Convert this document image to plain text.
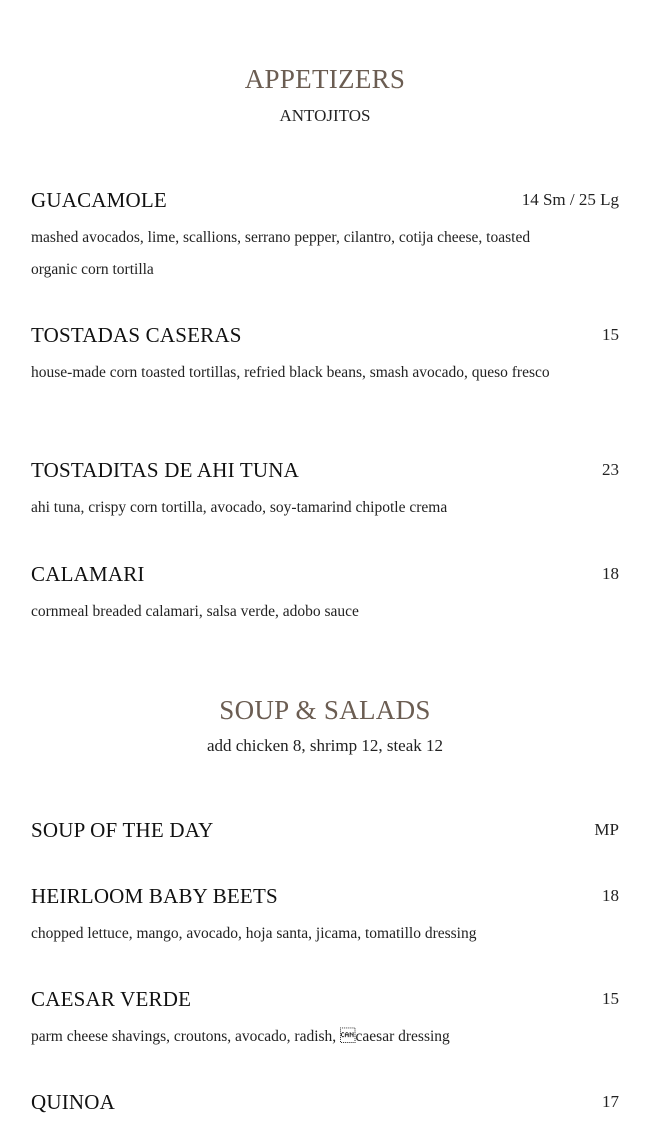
APPETIZERS
ANTOJITOS
GUACAMOLE	14 Sm / 25 Lg
mashed avocados, lime, scallions, serrano pepper, cilantro, cotija cheese, toasted organic corn tortilla
TOSTADAS CASERAS	15
house-made corn toasted tortillas, refried black beans, smash avocado, queso fresco
TOSTADITAS DE AHI TUNA	23
ahi tuna, crispy corn tortilla, avocado, soy-tamarind chipotle crema
CALAMARI	18
cornmeal breaded calamari, salsa verde, adobo sauce
SOUP & SALADS
add chicken 8, shrimp 12, steak 12
SOUP OF THE DAY	MP
HEIRLOOM BABY BEETS	18
chopped lettuce, mango, avocado, hoja santa, jicama, tomatillo dressing
CAESAR VERDE	15
parm cheese shavings, croutons, avocado, radish, caesar dressing
QUINOA	17
